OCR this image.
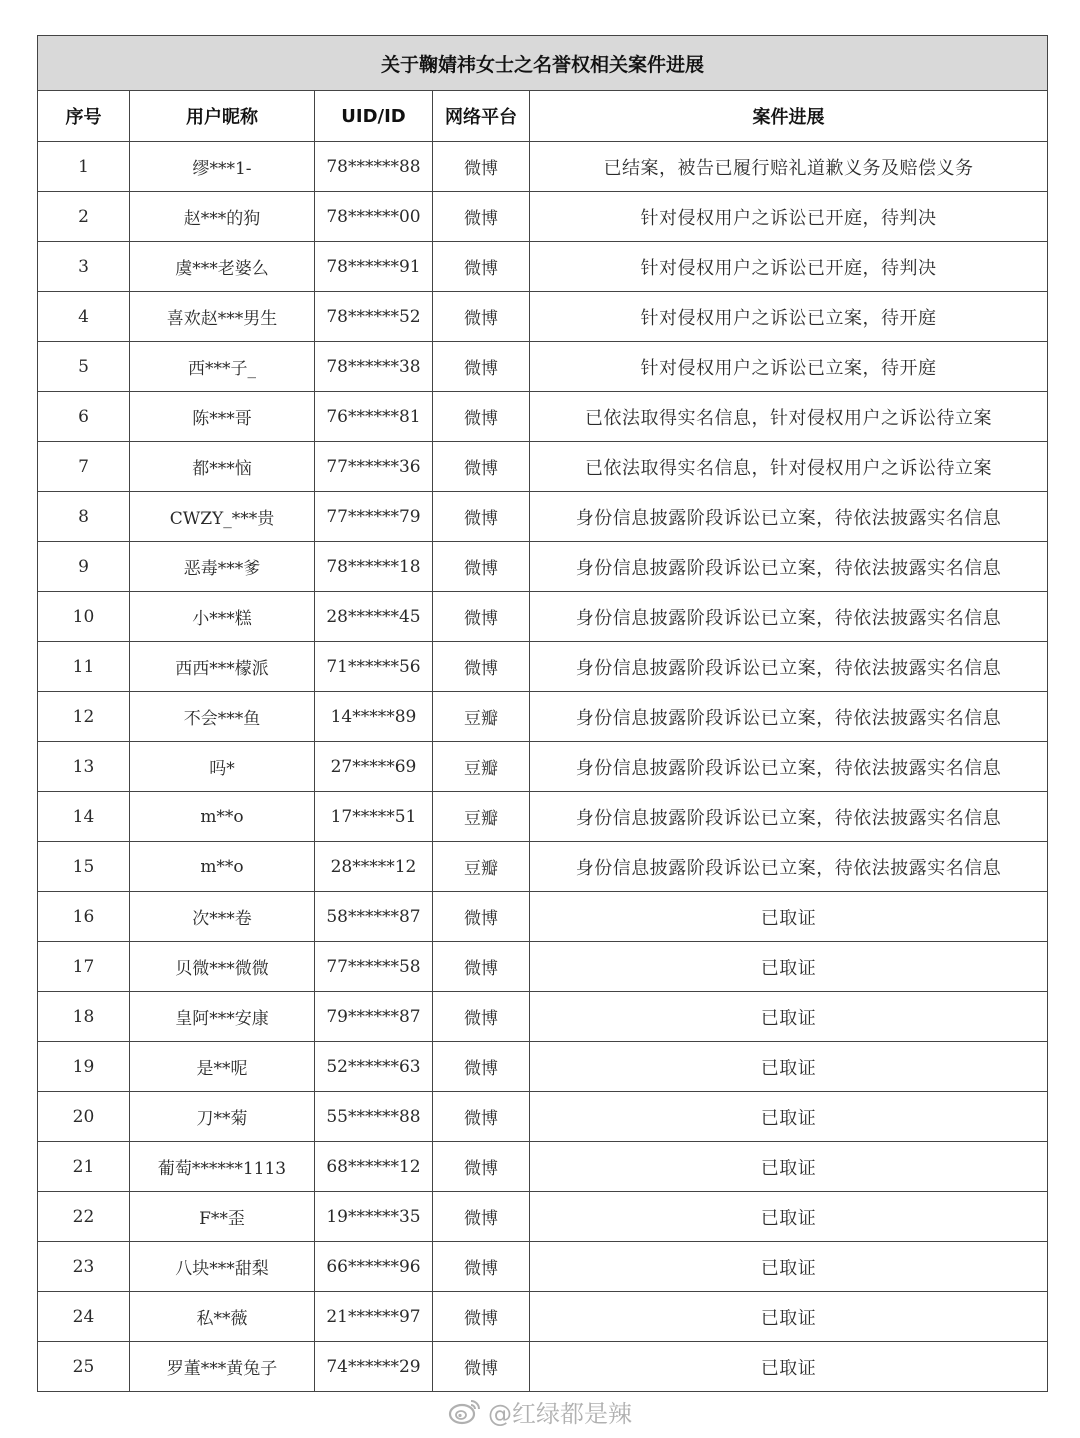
关于鞠婧祎女士之名誉权相关案件进展				
序号	用户昵称	UID/ID	网络平台	案件进展
1	缪***1-	78******88	微博	已结案，被告已履行赔礼道歉义务及赔偿义务
2	赵***的狗	78******00	微博	针对侵权用户之诉讼已开庭，待判决
3	虞***老婆么	78******91	微博	针对侵权用户之诉讼已开庭，待判决
4	喜欢赵***男生	78******52	微博	针对侵权用户之诉讼已立案，待开庭
5	西***子_	78******38	微博	针对侵权用户之诉讼已立案，待开庭
6	陈***哥	76******81	微博	已依法取得实名信息，针对侵权用户之诉讼待立案
7	都***恼	77******36	微博	已依法取得实名信息，针对侵权用户之诉讼待立案
8	CWZY_***贵	77******79	微博	身份信息披露阶段诉讼已立案，待依法披露实名信息
9	恶毒***爹	78******18	微博	身份信息披露阶段诉讼已立案，待依法披露实名信息
10	小***糕	28******45	微博	身份信息披露阶段诉讼已立案，待依法披露实名信息
11	西西***檬派	71******56	微博	身份信息披露阶段诉讼已立案，待依法披露实名信息
12	不会***鱼	14*****89	豆瓣	身份信息披露阶段诉讼已立案，待依法披露实名信息
13	吗*	27*****69	豆瓣	身份信息披露阶段诉讼已立案，待依法披露实名信息
14	m**o	17*****51	豆瓣	身份信息披露阶段诉讼已立案，待依法披露实名信息
15	m**o	28*****12	豆瓣	身份信息披露阶段诉讼已立案，待依法披露实名信息
16	次***卷	58******87	微博	已取证
17	贝微***微微	77******58	微博	已取证
18	皇阿***安康	79******87	微博	已取证
19	是**呢	52******63	微博	已取证
20	刀**菊	55******88	微博	已取证
21	葡萄******1113	68******12	微博	已取证
22	F**歪	19******35	微博	已取证
23	八块***甜梨	66******96	微博	已取证
24	私**薇	21******97	微博	已取证
25	罗董***黄兔子	74******29	微博	已取证
@红绿都是辣
